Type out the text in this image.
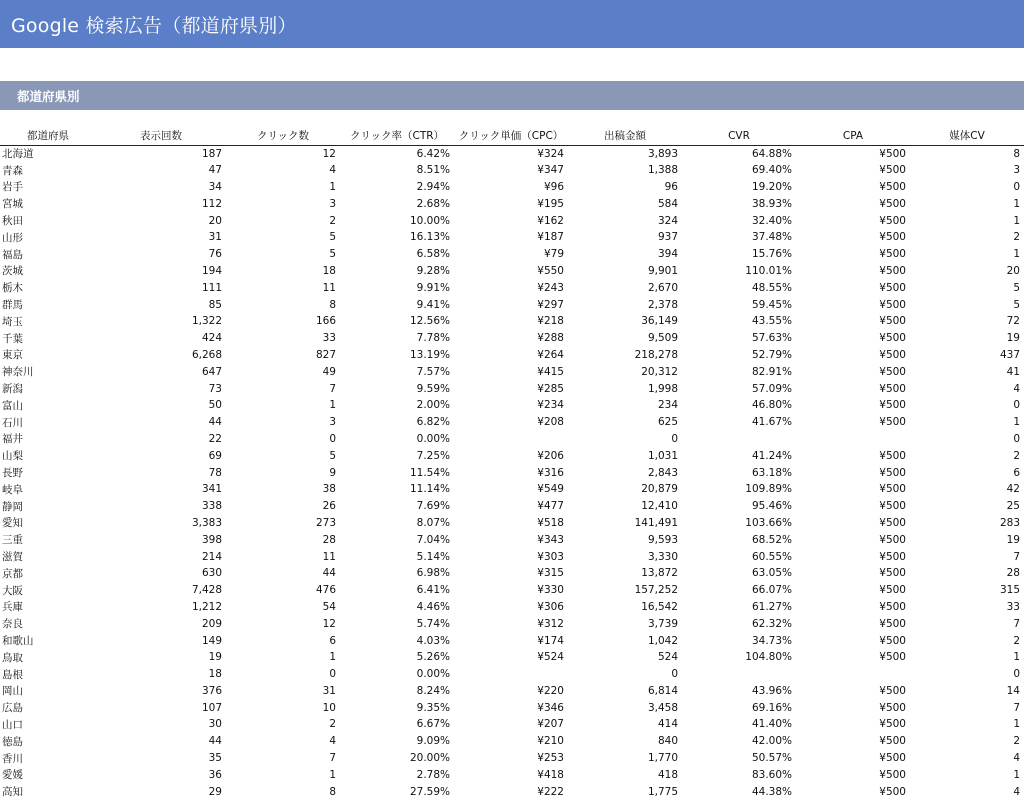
Google 検索広告（都道府県別）
都道府県別
都道府県	表示回数	クリック数	クリック率（CTR）	クリック単価（CPC）	出稿金額	CVR	CPA	媒体CV
北海道	187	12	6.42%	¥324	3,893	64.88%	¥500	8
青森	47	4	8.51%	¥347	1,388	69.40%	¥500	3
岩手	34	1	2.94%	¥96	96	19.20%	¥500	0
宮城	112	3	2.68%	¥195	584	38.93%	¥500	1
秋田	20	2	10.00%	¥162	324	32.40%	¥500	1
山形	31	5	16.13%	¥187	937	37.48%	¥500	2
福島	76	5	6.58%	¥79	394	15.76%	¥500	1
茨城	194	18	9.28%	¥550	9,901	110.01%	¥500	20
栃木	111	11	9.91%	¥243	2,670	48.55%	¥500	5
群馬	85	8	9.41%	¥297	2,378	59.45%	¥500	5
埼玉	1,322	166	12.56%	¥218	36,149	43.55%	¥500	72
千葉	424	33	7.78%	¥288	9,509	57.63%	¥500	19
東京	6,268	827	13.19%	¥264	218,278	52.79%	¥500	437
神奈川	647	49	7.57%	¥415	20,312	82.91%	¥500	41
新潟	73	7	9.59%	¥285	1,998	57.09%	¥500	4
富山	50	1	2.00%	¥234	234	46.80%	¥500	0
石川	44	3	6.82%	¥208	625	41.67%	¥500	1
福井	22	0	0.00%		0			0
山梨	69	5	7.25%	¥206	1,031	41.24%	¥500	2
長野	78	9	11.54%	¥316	2,843	63.18%	¥500	6
岐阜	341	38	11.14%	¥549	20,879	109.89%	¥500	42
静岡	338	26	7.69%	¥477	12,410	95.46%	¥500	25
愛知	3,383	273	8.07%	¥518	141,491	103.66%	¥500	283
三重	398	28	7.04%	¥343	9,593	68.52%	¥500	19
滋賀	214	11	5.14%	¥303	3,330	60.55%	¥500	7
京都	630	44	6.98%	¥315	13,872	63.05%	¥500	28
大阪	7,428	476	6.41%	¥330	157,252	66.07%	¥500	315
兵庫	1,212	54	4.46%	¥306	16,542	61.27%	¥500	33
奈良	209	12	5.74%	¥312	3,739	62.32%	¥500	7
和歌山	149	6	4.03%	¥174	1,042	34.73%	¥500	2
鳥取	19	1	5.26%	¥524	524	104.80%	¥500	1
島根	18	0	0.00%		0			0
岡山	376	31	8.24%	¥220	6,814	43.96%	¥500	14
広島	107	10	9.35%	¥346	3,458	69.16%	¥500	7
山口	30	2	6.67%	¥207	414	41.40%	¥500	1
徳島	44	4	9.09%	¥210	840	42.00%	¥500	2
香川	35	7	20.00%	¥253	1,770	50.57%	¥500	4
愛媛	36	1	2.78%	¥418	418	83.60%	¥500	1
高知	29	8	27.59%	¥222	1,775	44.38%	¥500	4
